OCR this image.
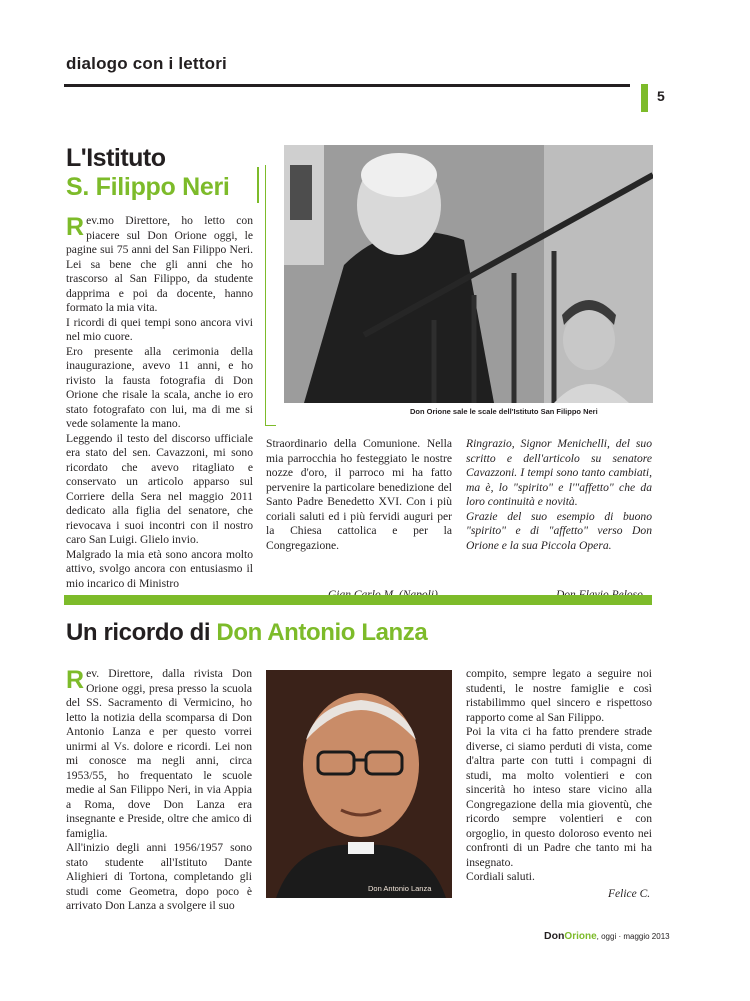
dialogo con i lettori
5
L'Istituto
S. Filippo Neri

Rev.mo Direttore, ho letto con piacere sul Don Orione oggi, le pagine sui 75 anni del San Filippo Neri. Lei sa bene che gli anni che ho trascorso al San Filippo, da studente dapprima e poi da docente, hanno formato la mia vita.

I ricordi di quei tempi sono ancora vivi nel mio cuore.

Ero presente alla cerimonia della inaugurazione, avevo 11 anni, e ho rivisto la fausta fotografia di Don Orione che risale la scala, anche io ero stato fotografato con lui, ma di me si vede solamente la mano.

Leggendo il testo del discorso ufficiale era stato del sen. Cavazzoni, mi sono ricordato che avevo ritagliato e conservato un articolo apparso sul Corriere della Sera nel maggio 2011 dedicato alla figlia del senatore, che rievocava i suoi incontri con il nostro caro San Luigi. Glielo invio.

Malgrado la mia età sono ancora molto attivo, svolgo ancora con entusiasmo il mio incarico di Ministro

Don Orione sale le scale dell'Istituto San Filippo Neri

Straordinario della Comunione. Nella mia parrocchia ho festeggiato le nostre nozze d'oro, il parroco mi ha fatto pervenire la particolare benedizione del Santo Padre Benedetto XVI. Con i più coriali saluti ed i più fervidi auguri per la Chiesa cattolica e per la Congregazione.

Ringrazio, Signor Menichelli, del suo scritto e dell'articolo su senatore Cavazzoni. I tempi sono tanto cambiati, ma è, lo "spirito" e l'"affetto" che da loro continuità e novità.

Grazie del suo esempio di buono "spirito" e di "affetto" verso Don Orione e la sua Piccola Opera.

Un ricordo di Don Antonio Lanza

Rev. Direttore, dalla rivista Don Orione oggi, presa presso la scuola del SS. Sacramento di Vermicino, ho letto la notizia della scomparsa di Don Antonio Lanza e per questo vorrei unirmi al Vs. dolore e ricordi. Lei non mi conosce ma negli anni, circa 1953/55, ho frequentato le scuole medie al San Filippo Neri, in via Appia a Roma, dove Don Lanza era insegnante e Preside, oltre che amico di famiglia.

All'inizio degli anni 1956/1957 sono stato studente all'Istituto Dante Alighieri di Tortona, completando gli studi come Geometra, dopo poco è arrivato Don Lanza a svolgere il suo

Don Antonio Lanza

compito, sempre legato a seguire noi studenti, le nostre famiglie e così ristabilimmo quel sincero e rispettoso rapporto come al San Filippo.

Poi la vita ci ha fatto prendere strade diverse, ci siamo perduti di vista, come d'altra parte con tutti i compagni di studi, ma molto volentieri e con sincerità ho inteso stare vicino alla Congregazione della mia gioventù, che ricordo sempre volentieri e con orgoglio, in questo doloroso evento nei confronti di un Padre che tanto mi ha insegnato.

Cordiali saluti.

Felice C.
DonOrione, oggi · maggio 2013
